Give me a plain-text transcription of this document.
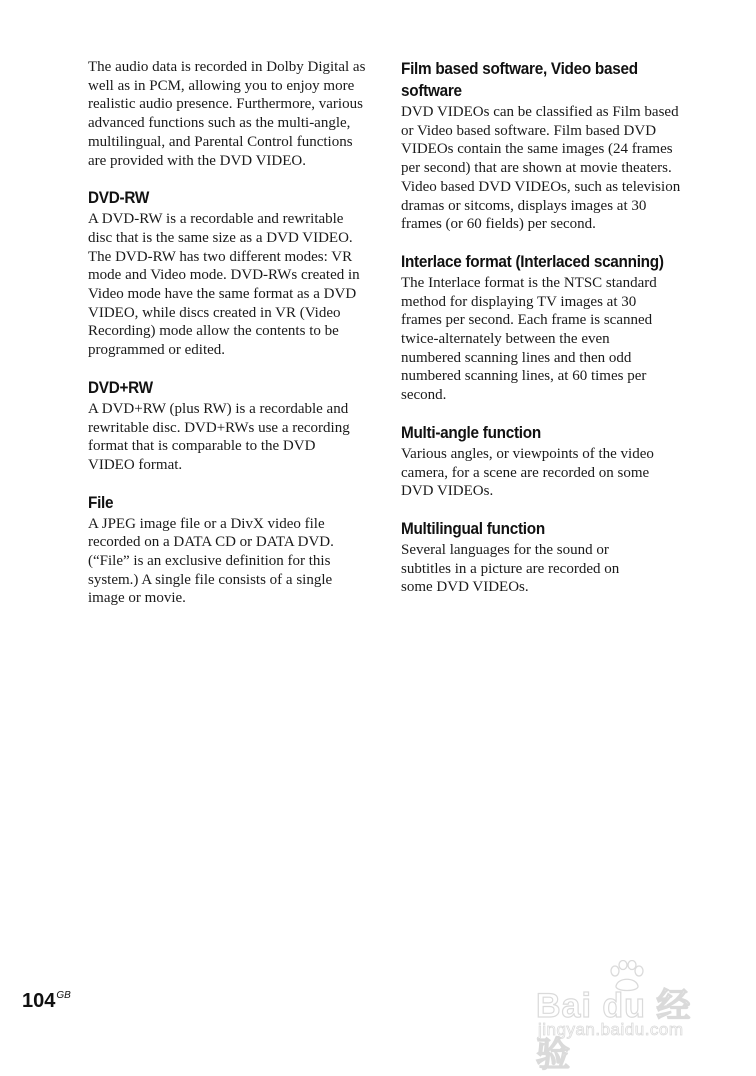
The audio data is recorded in Dolby Digital as well as in PCM, allowing you to enjoy more realistic audio presence. Furthermore, various advanced functions such as the multi-angle, multilingual, and Parental Control functions are provided with the DVD VIDEO.

DVD-RW

A DVD-RW is a recordable and rewritable disc that is the same size as a DVD VIDEO. The DVD-RW has two different modes: VR mode and Video mode. DVD-RWs created in Video mode have the same format as a DVD VIDEO, while discs created in VR (Video Recording) mode allow the contents to be programmed or edited.

DVD+RW

A DVD+RW (plus RW) is a recordable and rewritable disc. DVD+RWs use a recording format that is comparable to the DVD VIDEO format.

File

A JPEG image file or a DivX video file recorded on a DATA CD or DATA DVD. (“File” is an exclusive definition for this system.) A single file consists of a single image or movie.

Film based software, Video based software

DVD VIDEOs can be classified as Film based or Video based software. Film based DVD VIDEOs contain the same images (24 frames per second) that are shown at movie theaters. Video based DVD VIDEOs, such as television dramas or sitcoms, displays images at 30 frames (or 60 fields) per second.

Interlace format (Interlaced scanning)

The Interlace format is the NTSC standard method for displaying TV images at 30 frames per second. Each frame is scanned twice-alternately between the even numbered scanning lines and then odd numbered scanning lines, at 60 times per second.

Multi-angle function

Various angles, or viewpoints of the video camera, for a scene are recorded on some DVD VIDEOs.

Multilingual function

Several languages for the sound or subtitles in a picture are recorded on some DVD VIDEOs.

$104^{GB}$	Bai du 经验
jingyan.baidu.com
